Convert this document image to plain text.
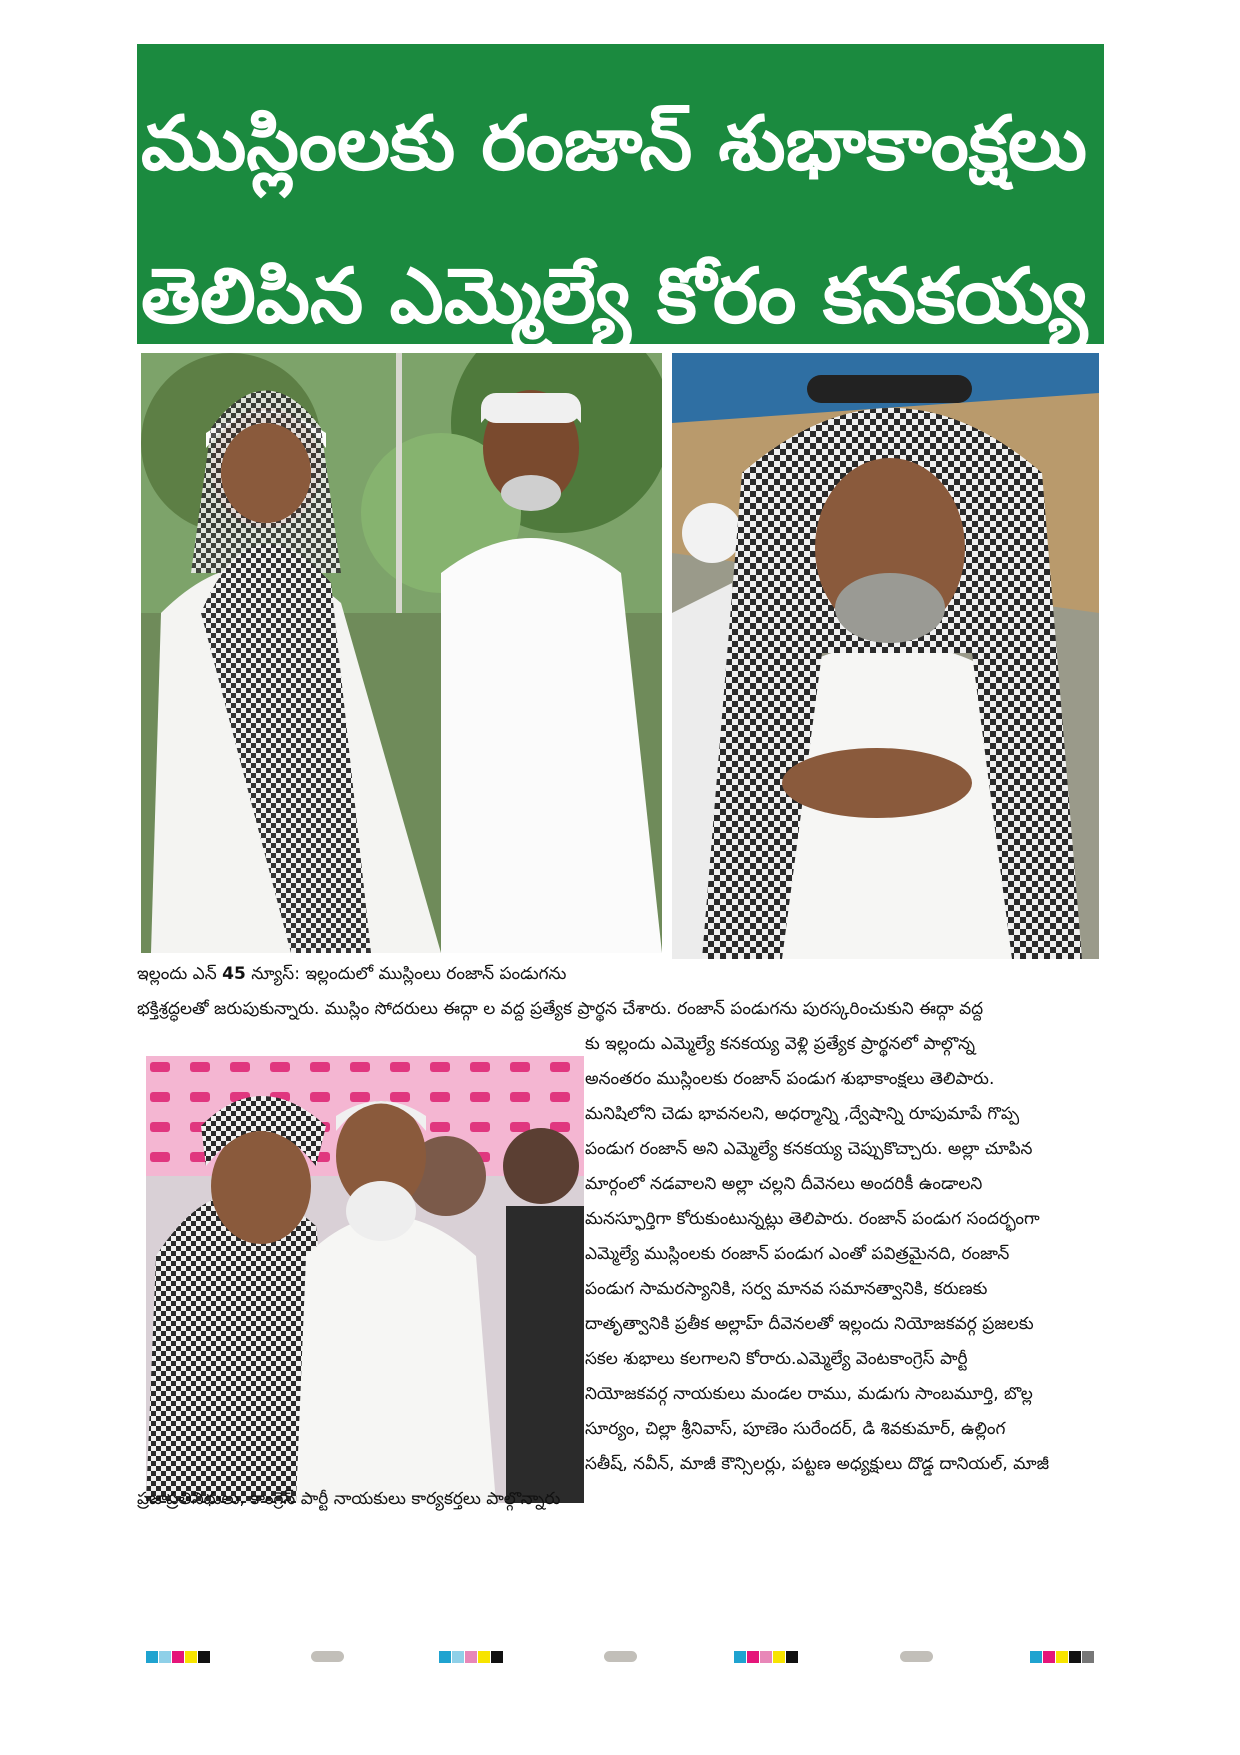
ముస్లింలకు రంజాన్ శుభాకాంక్షలు
తెలిపిన ఎమ్మెల్యే కోరం కనకయ్య
ఇల్లందు ఎన్ 45 న్యూస్: ఇల్లందులో ముస్లింలు రంజాన్ పండుగను
భక్తిశ్రద్ధలతో జరుపుకున్నారు. ముస్లిం సోదరులు ఈద్గా ల వద్ద ప్రత్యేక ప్రార్థన చేశారు. రంజాన్ పండుగను పురస్కరించుకుని ఈద్గా వద్ద
కు ఇల్లందు ఎమ్మెల్యే కనకయ్య వెళ్లి ప్రత్యేక ప్రార్థనలో పాల్గొన్న
అనంతరం ముస్లింలకు రంజాన్ పండుగ శుభాకాంక్షలు తెలిపారు.
మనిషిలోని చెడు భావనలని, అధర్మాన్ని ,ద్వేషాన్ని రూపుమాపే గొప్ప
పండుగ రంజాన్ అని ఎమ్మెల్యే కనకయ్య చెప్పుకొచ్చారు. అల్లా చూపిన
మార్గంలో నడవాలని అల్లా చల్లని దీవెనలు అందరికీ ఉండాలని
మనస్ఫూర్తిగా కోరుకుంటున్నట్లు తెలిపారు. రంజాన్ పండుగ సందర్భంగా
ఎమ్మెల్యే ముస్లింలకు రంజాన్ పండుగ ఎంతో పవిత్రమైనది, రంజాన్
పండుగ సామరస్యానికి, సర్వ మానవ సమానత్వానికి, కరుణకు
దాతృత్వానికి ప్రతీక అల్లాహ్ దీవెనలతో ఇల్లందు నియోజకవర్గ ప్రజలకు
సకల శుభాలు కలగాలని కోరారు.ఎమ్మెల్యే వెంటకాంగ్రెస్ పార్టీ
నియోజకవర్గ నాయకులు మండల రాము, మడుగు సాంబమూర్తి, బొల్ల
సూర్యం, చిల్లా శ్రీనివాస్, పూణెం సురేందర్, డి శివకుమార్, ఉల్లింగ
సతీష్, నవీన్, మాజీ కౌన్సిలర్లు, పట్టణ అధ్యక్షులు దొడ్డ దానియల్, మాజీ
ప్రజాప్రతినిధులు, కాంగ్రెస్ పార్టీ నాయకులు కార్యకర్తలు పాల్గొన్నారు
